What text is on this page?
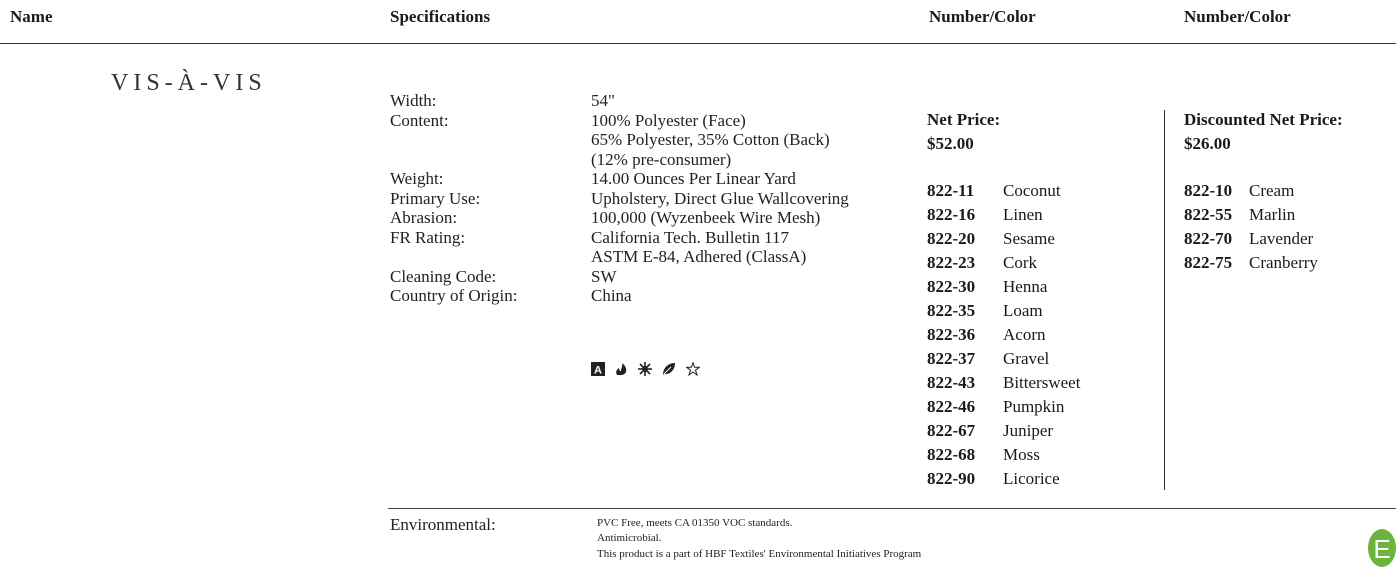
Name	Specifications	Number/Color	Number/Color
VIS-À-VIS
Width:	54"
Content:	100% Polyester (Face)
65% Polyester, 35% Cotton (Back)
(12% pre-consumer)
Weight:	14.00 Ounces Per Linear Yard
Primary Use:	Upholstery, Direct Glue Wallcovering
Abrasion:	100,000 (Wyzenbeek Wire Mesh)
FR Rating:	California Tech. Bulletin 117
ASTM E-84, Adhered (ClassA)
Cleaning Code:	SW
Country of Origin:	China
A
Net Price:
$52.00
822-11 Coconut
822-16 Linen
822-20 Sesame
822-23 Cork
822-30 Henna
822-35 Loam
822-36 Acorn
822-37 Gravel
822-43 Bittersweet
822-46 Pumpkin
822-67 Juniper
822-68 Moss
822-90 Licorice
Discounted Net Price:
$26.00
822-10 Cream
822-55 Marlin
822-70 Lavender
822-75 Cranberry
Environmental:	PVC Free, meets CA 01350 VOC standards.
Antimicrobial.
This product is a part of HBF Textiles' Environmental Initiatives Program	E
